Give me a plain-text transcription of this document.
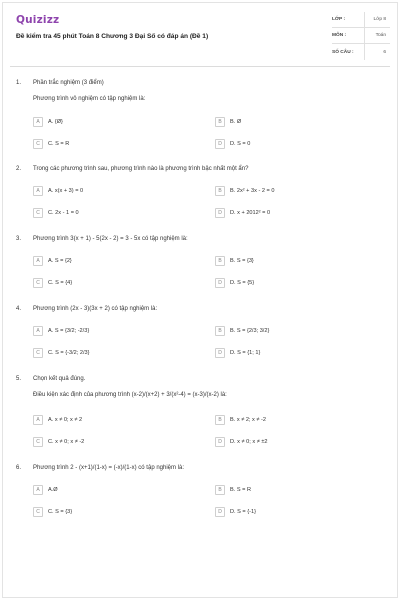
Quizizz
Đề kiểm tra 45 phút Toán 8 Chương 3 Đại Số có đáp án (Đề 1)
LỚP :	Lớp 8
MÔN :	Toán
SỐ CÂU :	6
1. Phần trắc nghiệm (3 điểm)
Phương trình vô nghiệm có tập nghiệm là:
A	A. {Ø}	B	B. Ø
C	C. S = R	D	D. S = 0
2. Trong các phương trình sau, phương trình nào là phương trình bậc nhất một ẩn?
A	A. x(x + 3) = 0	B	B. 2x² + 3x - 2 = 0
C	C. 2x - 1 = 0	D	D. x + 2012² = 0
3. Phương trình 3(x + 1) - 5(2x - 2) = 3 - 5x có tập nghiệm là:
A	A. S = {2}	B	B. S = {3}
C	C. S = {4}	D	D. S = {5}
4. Phương trình (2x - 3)(3x + 2) có tập nghiệm là:
A	A. S = {3/2; -2/3}	B	B. S = {2/3; 3/2}
C	C. S = {-3/2; 2/3}	D	D. S = {1; 1}
5. Chọn kết quả đúng.
Điều kiện xác định của phương trình (x-2)/(x+2) + 3/(x²-4) = (x-3)/(x-2) là:
A	A. x ≠ 0; x ≠ 2	B	B. x ≠ 2; x ≠ -2
C	C. x ≠ 0; x ≠ -2	D	D. x ≠ 0; x ≠ ±2
6. Phương trình 2 - (x+1)/(1-x) = (-x)/(1-x) có tập nghiệm là:
A	A.Ø	B	B. S = R
C	C. S = {3}	D	D. S = {-1}
